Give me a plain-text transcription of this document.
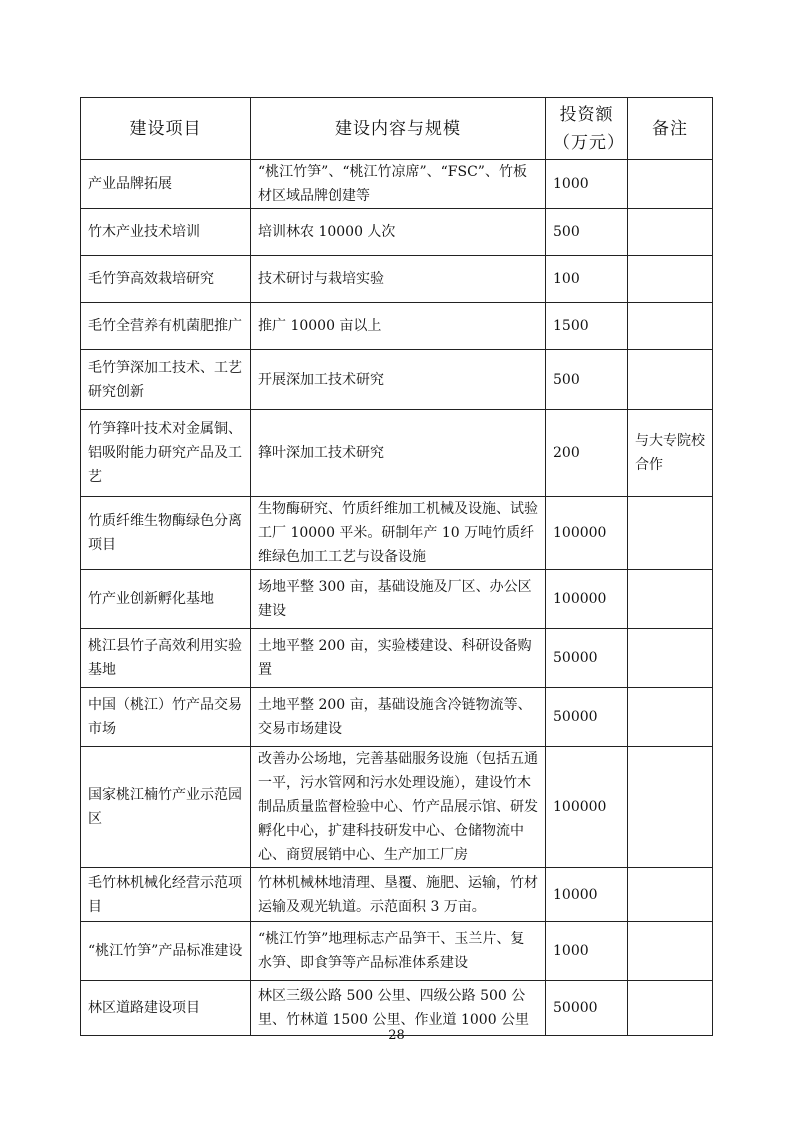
建设项目	建设内容与规模	投资额（万元）	备注
产业品牌拓展	“桃江竹笋”、“桃江竹凉席”、“FSC”、竹板材区域品牌创建等	1000	
竹木产业技术培训	培训林农 10000 人次	500	
毛竹笋高效栽培研究	技术研讨与栽培实验	100	
毛竹全营养有机菌肥推广	推广 10000 亩以上	1500	
毛竹笋深加工技术、工艺研究创新	开展深加工技术研究	500	
竹笋箨叶技术对金属铜、铝吸附能力研究产品及工艺	箨叶深加工技术研究	200	与大专院校合作
竹质纤维生物酶绿色分离项目	生物酶研究、竹质纤维加工机械及设施、试验工厂 10000 平米。研制年产 10 万吨竹质纤维绿色加工工艺与设备设施	100000	
竹产业创新孵化基地	场地平整 300 亩，基础设施及厂区、办公区建设	100000	
桃江县竹子高效利用实验基地	土地平整 200 亩，实验楼建设、科研设备购置	50000	
中国（桃江）竹产品交易市场	土地平整 200 亩，基础设施含冷链物流等、交易市场建设	50000	
国家桃江楠竹产业示范园区	改善办公场地，完善基础服务设施（包括五通一平，污水管网和污水处理设施），建设竹木制品质量监督检验中心、竹产品展示馆、研发孵化中心，扩建科技研发中心、仓储物流中心、商贸展销中心、生产加工厂房	100000	
毛竹林机械化经营示范项目	竹林机械林地清理、垦覆、施肥、运输，竹材运输及观光轨道。示范面积 3 万亩。	10000	
“桃江竹笋”产品标准建设	“桃江竹笋”地理标志产品笋干、玉兰片、复水笋、即食笋等产品标准体系建设	1000	
林区道路建设项目	林区三级公路 500 公里、四级公路 500 公里、竹林道 1500 公里、作业道 1000 公里	50000	
28
